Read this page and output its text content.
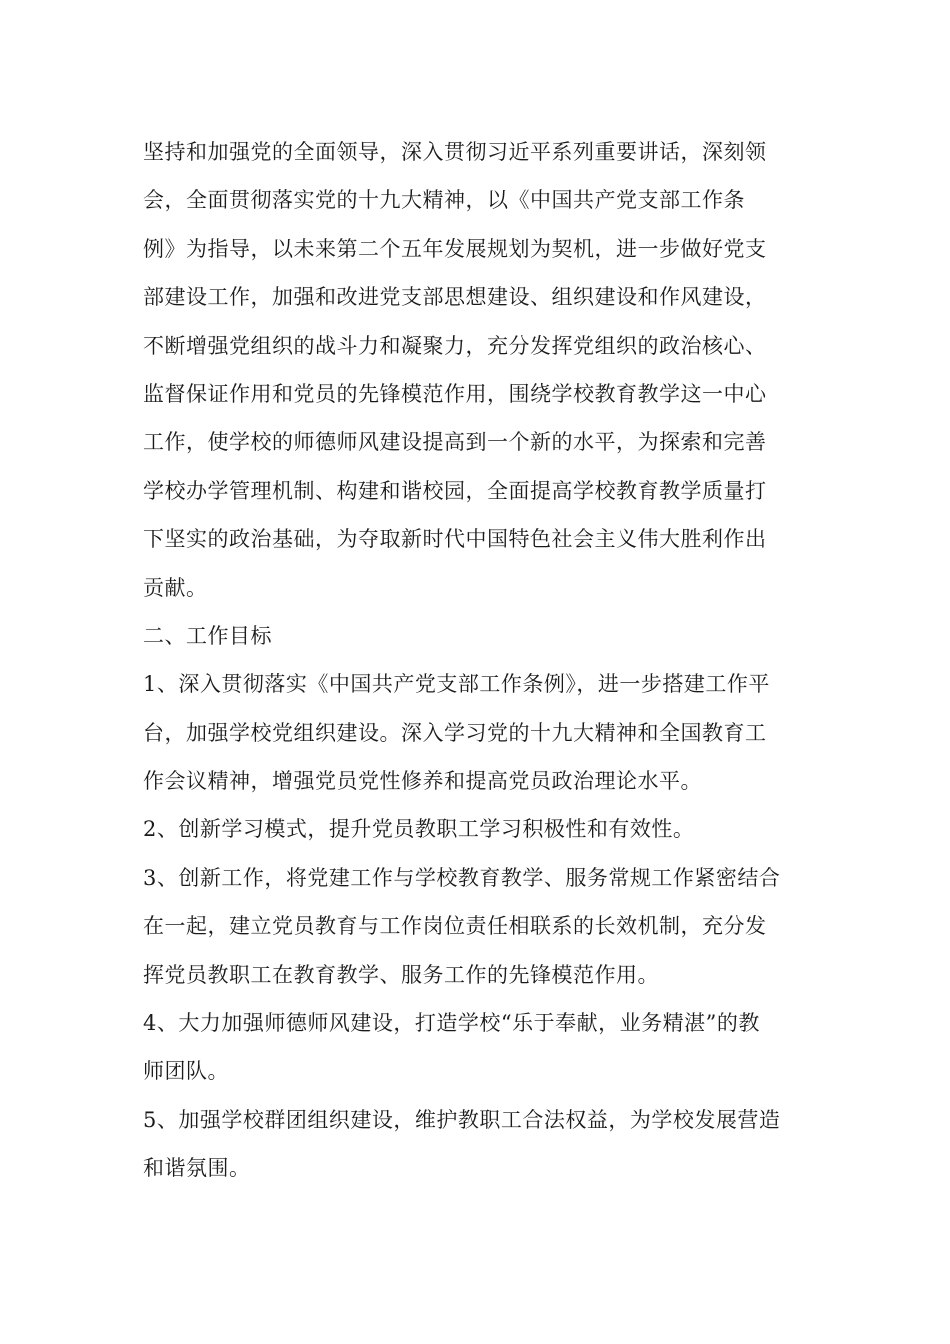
坚持和加强党的全面领导，深入贯彻习近平系列重要讲话，深刻领
会，全面贯彻落实党的十九大精神，以《中国共产党支部工作条
例》为指导，以未来第二个五年发展规划为契机，进一步做好党支
部建设工作，加强和改进党支部思想建设、组织建设和作风建设，
不断增强党组织的战斗力和凝聚力，充分发挥党组织的政治核心、
监督保证作用和党员的先锋模范作用，围绕学校教育教学这一中心
工作，使学校的师德师风建设提高到一个新的水平，为探索和完善
学校办学管理机制、构建和谐校园，全面提高学校教育教学质量打
下坚实的政治基础，为夺取新时代中国特色社会主义伟大胜利作出
贡献。
二、工作目标
1、深入贯彻落实《中国共产党支部工作条例》，进一步搭建工作平
台，加强学校党组织建设。深入学习党的十九大精神和全国教育工
作会议精神，增强党员党性修养和提高党员政治理论水平。
2、创新学习模式，提升党员教职工学习积极性和有效性。
3、创新工作，将党建工作与学校教育教学、服务常规工作紧密结合
在一起，建立党员教育与工作岗位责任相联系的长效机制，充分发
挥党员教职工在教育教学、服务工作的先锋模范作用。
4、大力加强师德师风建设，打造学校“乐于奉献，业务精湛”的教
师团队。
5、加强学校群团组织建设，维护教职工合法权益，为学校发展营造
和谐氛围。
